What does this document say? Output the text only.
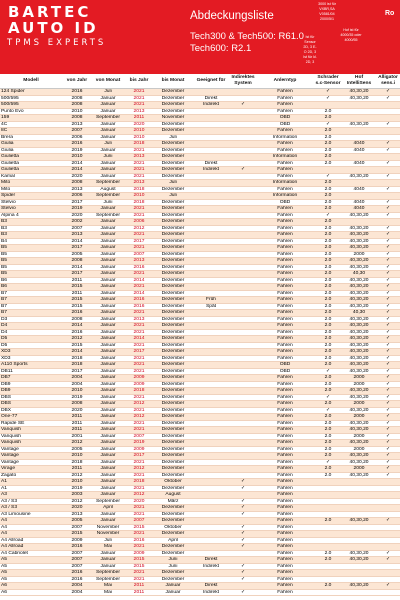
BARTEC
AUTO ID
TPMS EXPERTS
Abdeckungsliste
Tech300 & Tech500: R61.0
Tech600: R2.1
3000 ist für VXBR,SA V0581/04 2000/5/1
Hof ist für 4000/35 oder 4000/55
Ist für Sensor 2D, 3 E-O 2D, 3 Ist für kl. 2D, 3
Ro
Modell	von Jahr	von Monat	bis Jahr	bis Monat	Geeignet für	Indirektes System	Anlerntyp	Schrader s.c-Sensor	Hof IntelliSens	Alligator sens.i
124 Spider	2016	Juli	2021	Dezember			Fahren	✓	40,30,20	✓
500/595	2008	Januar	2021	Dezember	Direkt		Fahren	✓	40,30,20	✓
500/595	2008	Januar	2021	Dezember	Indirekt	✓	Fahren			
Punto Evo	2010	Januar	2013	Dezember			Fahren	2.0		
159	2008	September	2011	November			OBD	2.0		
4C	2013	Januar	2020	Dezember			OBD	✓	40,30,20	✓
8C	2007	Januar	2010	Dezember			Fahren	2.0		
Brera	2006	Januar	2010	Juli			Information	2.0		
Giulia	2016	Juli	2018	Dezember			Fahren	2.0	4040	✓
Giulia	2019	Januar	2021	Dezember			Fahren	2.0	4040	✓
Giulietta	2010	Juni	2013	Dezember			Information	2.0		
Giulietta	2014	Januar	2021	Dezember	Direkt		Fahren	2.0	4040	✓
Giulietta	2014	Januar	2021	Dezember	Indirekt	✓	Fahren			
Kamal	2020	Januar	2021	Dezember			Fahren	✓	40,30,20	✓
Mito	2008	September	2013	Juli			Information	2.0		
Mito	2013	August	2018	Dezember			Fahren	2.0	4040	✓
Spider	2006	September	2010	Juli			Information	2.0		
Stelvio	2017	Juni	2018	Dezember			OBD	2.0	4040	✓
Stelvio	2019	Januar	2021	Dezember			Fahren	2.0	4040	✓
Alpina 4	2020	September	2021	Dezember			Fahren	✓	40,30,20	✓
B3	2002	Januar	2006	Dezember			Fahren	2.0		
B3	2007	Januar	2012	Dezember			Fahren	2.0	40,30,20	✓
B3	2013	Januar	2021	Dezember			Fahren	2.0	40,30,20	✓
B4	2014	Januar	2017	Dezember			Fahren	2.0	40,30,20	✓
B5	2017	Januar	2021	Dezember			Fahren	2.0	40,30,20	✓
B5	2005	Januar	2007	Dezember			Fahren	2.0	2000	✓
B5	2008	Januar	2013	Dezember			Fahren	2.0	40,30,20	✓
B5	2014	Januar	2016	Dezember			Fahren	2.0	40,30,20	✓
B5	2017	Januar	2021	Dezember			Fahren	2.0	40,30	✓
B6	2011	Januar	2014	Dezember			Fahren	2.0	40,30,20	✓
B6	2015	Januar	2021	Dezember			Fahren	2.0	40,30,20	✓
B7	2011	Januar	2014	Dezember			Fahren	2.0	40,30,20	✓
B7	2015	Januar	2016	Dezember	Früh		Fahren	2.0	40,30,20	✓
B7	2015	Januar	2016	Dezember	Spät		Fahren	2.0	40,30,20	✓
B7	2016	Januar	2021	Dezember			Fahren	2.0	40,30	✓
D3	2008	Januar	2013	Dezember			Fahren	2.0	40,30,20	✓
D4	2014	Januar	2021	Dezember			Fahren	2.0	40,30,20	✓
D4	2016	Januar	2021	Dezember			Fahren	2.0	40,30,20	✓
D5	2012	Januar	2014	Dezember			Fahren	2.0	40,30,20	✓
D5	2015	Januar	2021	Dezember			Fahren	2.0	40,30,20	✓
XD3	2014	Januar	2017	Dezember			Fahren	2.0	40,30,20	✓
XD3	2018	Januar	2021	Dezember			Fahren	2.0	40,30,20	✓
A110 Sports	2018	Januar	2021	Dezember			OBD	2.0	40,30,20	✓
DB11	2017	Januar	2021	Dezember			OBD	✓	40,30,20	✓
DB7	2004	Januar	2009	Dezember			Fahren	2.0	2000	✓
DB9	2004	Januar	2009	Dezember			Fahren	2.0	2000	✓
DB9	2010	Januar	2018	Dezember			Fahren	2.0	40,30,20	✓
DBS	2019	Januar	2021	Dezember			Fahren	✓	40,30,20	✓
DBS	2008	Januar	2012	Dezember			Fahren	2.0	2000	✓
DBX	2020	Januar	2021	Dezember			Fahren	✓	40,30,20	✓
One-77	2011	Januar	2012	Dezember			Fahren	2.0	2000	✓
Rapide SE	2011	Januar	2021	Dezember			Fahren	2.0	40,30,20	✓
Vanquish	2011	Januar	2021	Dezember			Fahren	2.0	40,30,20	✓
Vanquish	2001	Januar	2007	Dezember			Fahren	2.0	2000	✓
Vanquish	2012	Januar	2019	Dezember			Fahren	2.0	40,30,20	✓
Vantage	2005	Januar	2009	Dezember			Fahren	2.0	2000	✓
Vantage	2010	Januar	2017	Dezember			Fahren	2.0	40,30,20	✓
Vantage	2018	Januar	2021	Dezember			Fahren	✓	40,30,20	✓
Virage	2011	Januar	2012	Dezember			Fahren	2.0	2000	✓
Zagato	2012	Januar	2021	Dezember			Fahren	2.0	40,30,20	✓
A1	2010	Januar	2018	Oktober		✓	Fahren			
A1	2019	Januar	2021	Dezember		✓	Fahren			
A3	2003	Januar	2012	August			Fahren			
A3 / S3	2012	September	2020	März		✓	Fahren			
A3 / S3	2020	April	2021	Dezember		✓	Fahren			
A3 Limousine	2013	Januar	2021	Dezember		✓	Fahren			
A4	2005	Januar	2007	Dezember			Fahren	2.0	40,30,20	✓
A4	2007	November	2015	Oktober		✓	Fahren			
A4	2015	November	2021	Dezember		✓	Fahren			
A4 Allroad	2009	Juli	2016	April		✓	Fahren			
A4 Allroad	2016	Mai	2021	Dezember		✓	Fahren			
A4 Cabriolet	2007	Januar	2009	Dezember			Fahren	2.0	40,30,20	✓
A5	2007	Januar	2015	Juni	Direkt		Fahren	2.0	40,30,20	✓
A5	2007	Januar	2015	Juni	Indirekt	✓	Fahren			
A5	2016	September	2021	Dezember		✓	Fahren			
A5	2016	September	2021	Dezember		✓	Fahren			
A6	2004	Mai	2011	Januar	Direkt		Fahren	2.0	40,30,20	✓
A6	2004	Mai	2011	Januar	Indirekt	✓	Fahren			
